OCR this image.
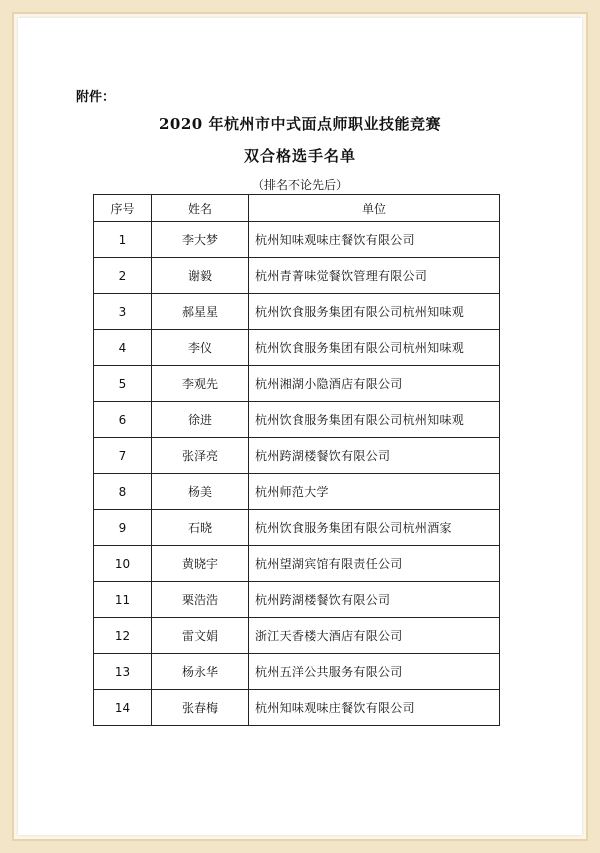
附件：
2020 年杭州市中式面点师职业技能竞赛
双合格选手名单
（排名不论先后）
序号	姓名	单位
1	李大梦	杭州知味观味庄餐饮有限公司
2	谢毅	杭州青菁味觉餐饮管理有限公司
3	郝星星	杭州饮食服务集团有限公司杭州知味观
4	李仪	杭州饮食服务集团有限公司杭州知味观
5	李观先	杭州湘湖小隐酒店有限公司
6	徐进	杭州饮食服务集团有限公司杭州知味观
7	张泽亮	杭州跨湖楼餐饮有限公司
8	杨美	杭州师范大学
9	石晓	杭州饮食服务集团有限公司杭州酒家
10	黄晓宇	杭州望湖宾馆有限责任公司
11	栗浩浩	杭州跨湖楼餐饮有限公司
12	雷文娟	浙江天香楼大酒店有限公司
13	杨永华	杭州五洋公共服务有限公司
14	张春梅	杭州知味观味庄餐饮有限公司
